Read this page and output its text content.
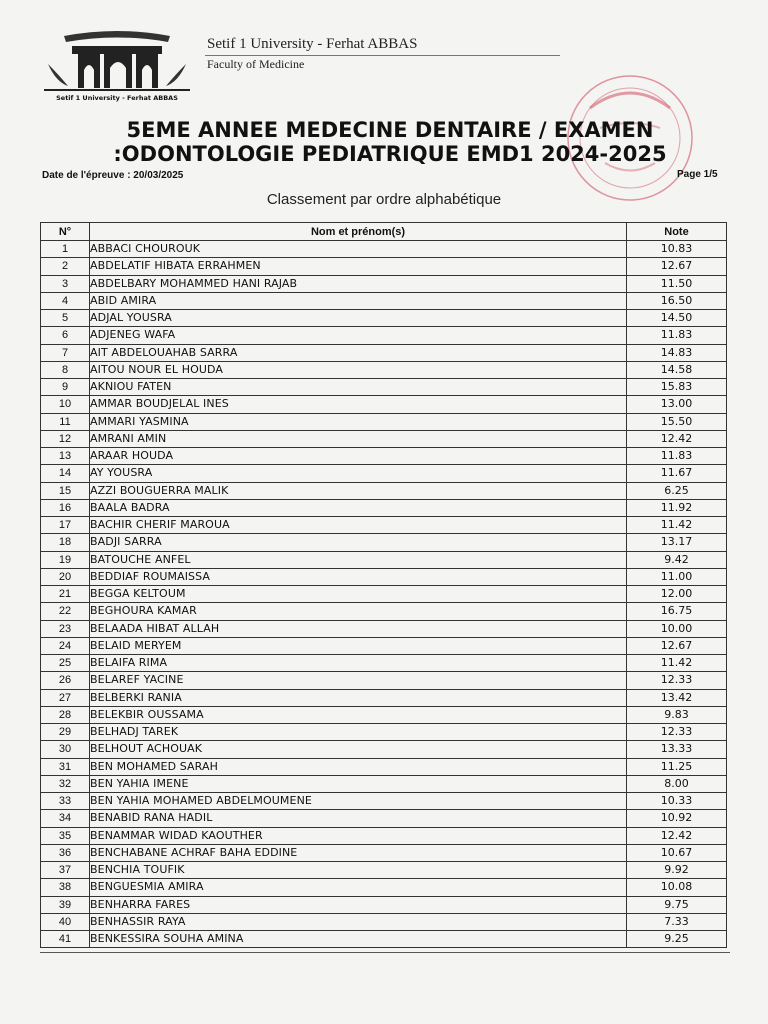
Setif 1 University - Ferhat ABBAS
Setif 1 University - Ferhat ABBAS
Faculty of Medicine
5EME ANNEE MEDECINE DENTAIRE / EXAMEN
:ODONTOLOGIE PEDIATRIQUE EMD1 2024-2025
Date de l'épreuve : 20/03/2025	Page 1/5
Classement par ordre alphabétique
N°	Nom et prénom(s)	Note
1	ABBACI CHOUROUK	10.83
2	ABDELATIF HIBATA ERRAHMEN	12.67
3	ABDELBARY MOHAMMED HANI RAJAB	11.50
4	ABID AMIRA	16.50
5	ADJAL YOUSRA	14.50
6	ADJENEG WAFA	11.83
7	AIT ABDELOUAHAB SARRA	14.83
8	AITOU NOUR EL HOUDA	14.58
9	AKNIOU FATEN	15.83
10	AMMAR BOUDJELAL INES	13.00
11	AMMARI YASMINA	15.50
12	AMRANI AMIN	12.42
13	ARAAR HOUDA	11.83
14	AY YOUSRA	11.67
15	AZZI BOUGUERRA MALIK	6.25
16	BAALA BADRA	11.92
17	BACHIR CHERIF MAROUA	11.42
18	BADJI SARRA	13.17
19	BATOUCHE ANFEL	9.42
20	BEDDIAF ROUMAISSA	11.00
21	BEGGA KELTOUM	12.00
22	BEGHOURA KAMAR	16.75
23	BELAADA HIBAT ALLAH	10.00
24	BELAID MERYEM	12.67
25	BELAIFA RIMA	11.42
26	BELAREF YACINE	12.33
27	BELBERKI RANIA	13.42
28	BELEKBIR OUSSAMA	9.83
29	BELHADJ TAREK	12.33
30	BELHOUT ACHOUAK	13.33
31	BEN MOHAMED SARAH	11.25
32	BEN YAHIA IMENE	8.00
33	BEN YAHIA MOHAMED ABDELMOUMENE	10.33
34	BENABID RANA HADIL	10.92
35	BENAMMAR WIDAD KAOUTHER	12.42
36	BENCHABANE ACHRAF BAHA EDDINE	10.67
37	BENCHIA TOUFIK	9.92
38	BENGUESMIA AMIRA	10.08
39	BENHARRA FARES	9.75
40	BENHASSIR RAYA	7.33
41	BENKESSIRA SOUHA AMINA	9.25
